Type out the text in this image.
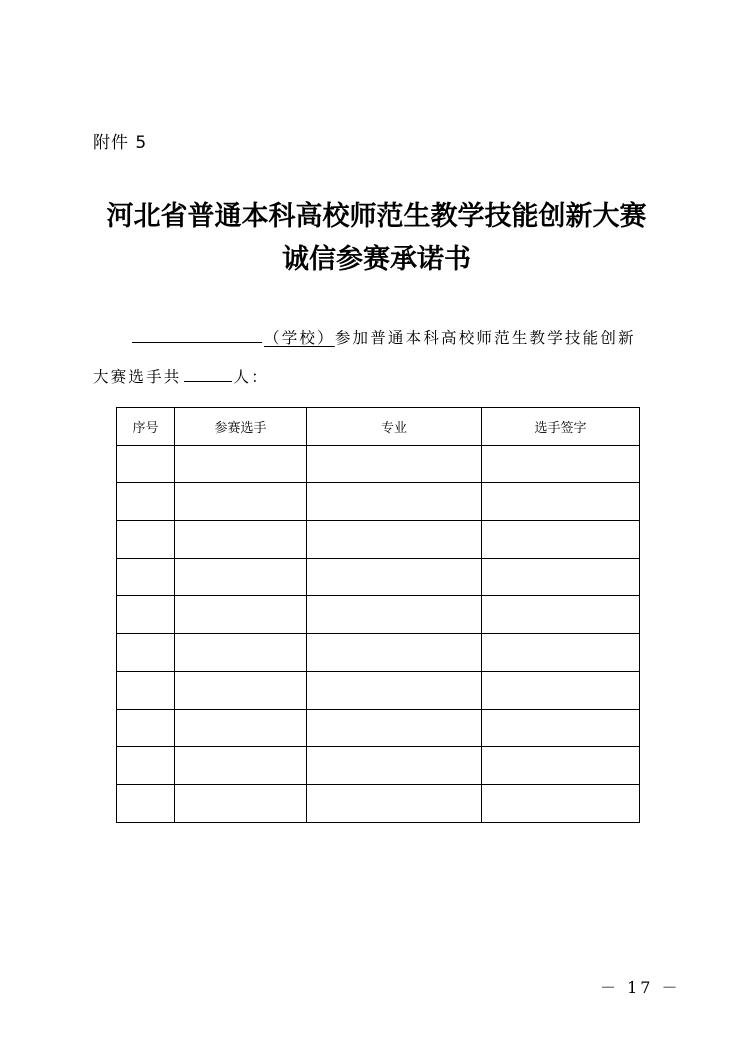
附件 5
河北省普通本科高校师范生教学技能创新大赛
诚信参赛承诺书
（学校）参加普通本科高校师范生教学技能创新
大赛选手共	人：
序号	参赛选手	专业	选手签字

－ 17 －
